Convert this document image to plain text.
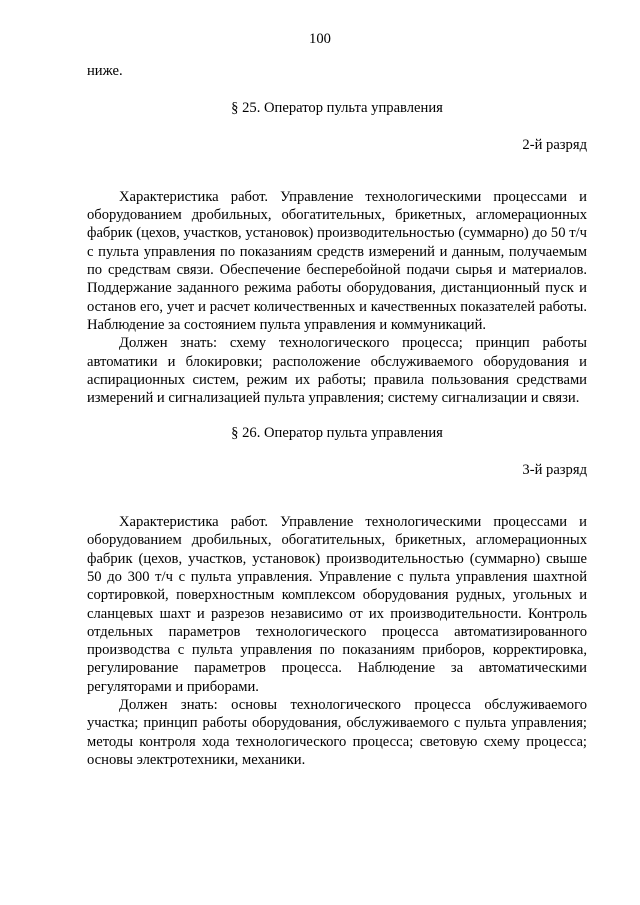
100

ниже.

§ 25. Оператор пульта управления

2-й разряд

Характеристика работ. Управление технологическими процессами и оборудованием дробильных, обогатительных, брикетных, агломерационных фабрик (цехов, участков, установок) производительностью (суммарно) до 50 т/ч с пульта управления по показаниям средств измерений и данным, получаемым по средствам связи. Обеспечение бесперебойной подачи сырья и материалов. Поддержание заданного режима работы оборудования, дистанционный пуск и останов его, учет и расчет количественных и качественных показателей работы. Наблюдение за состоянием пульта управления и коммуникаций.

Должен знать: схему технологического процесса; принцип работы автоматики и блокировки; расположение обслуживаемого оборудования и аспирационных систем, режим их работы; правила пользования средствами измерений и сигнализацией пульта управления; систему сигнализации и связи.

§ 26. Оператор пульта управления

3-й разряд

Характеристика работ. Управление технологическими процессами и оборудованием дробильных, обогатительных, брикетных, агломерационных фабрик (цехов, участков, установок) производительностью (суммарно) свыше 50 до 300 т/ч с пульта управления. Управление с пульта управления шахтной сортировкой, поверхностным комплексом оборудования рудных, угольных и сланцевых шахт и разрезов независимо от их производительности. Контроль отдельных параметров технологического процесса автоматизированного производства с пульта управления по показаниям приборов, корректировка, регулирование параметров процесса. Наблюдение за автоматическими регуляторами и приборами.

Должен знать: основы технологического процесса обслуживаемого участка; принцип работы оборудования, обслуживаемого с пульта управления; методы контроля хода технологического процесса; световую схему процесса; основы электротехники, механики.
